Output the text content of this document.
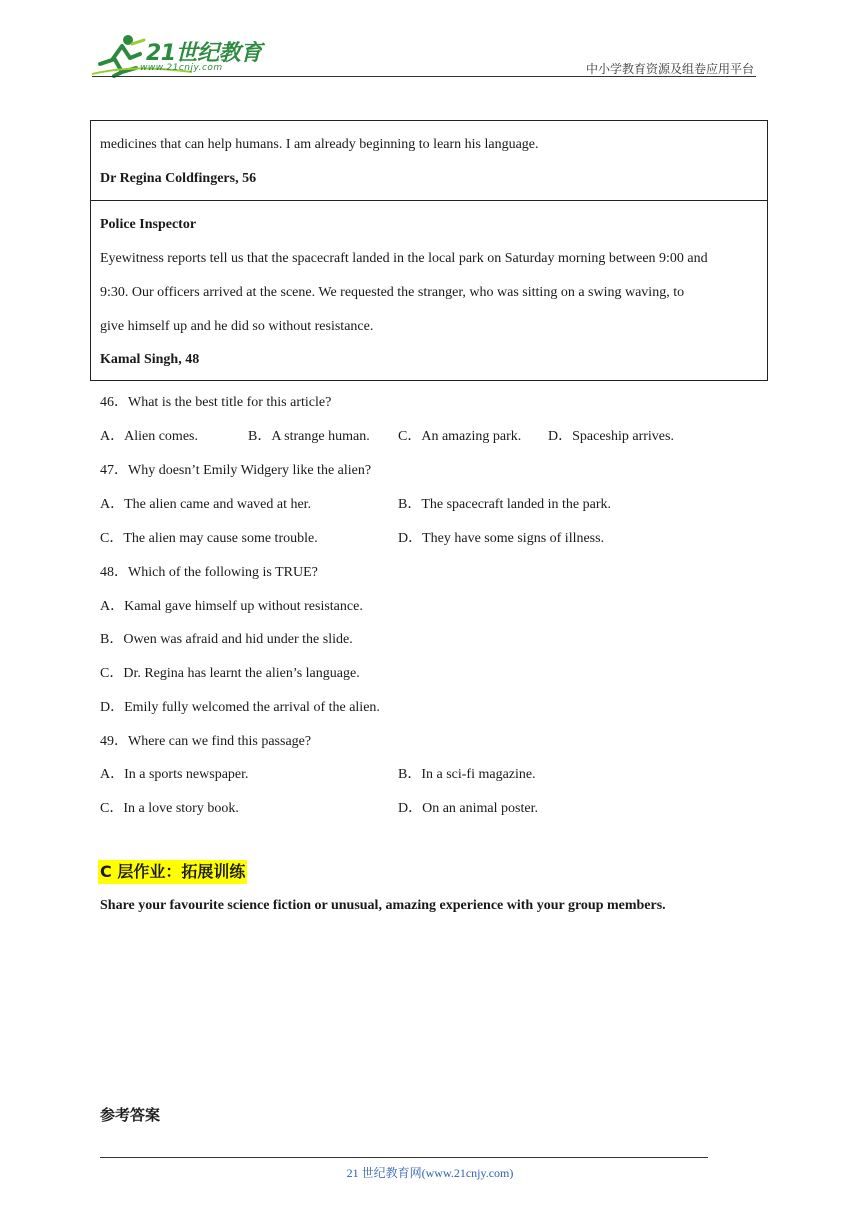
21世纪教育
www.21cnjy.com	中小学教育资源及组卷应用平台
medicines that can help humans. I am already beginning to learn his language.
Dr Regina Coldfingers, 56
Police Inspector
Eyewitness reports tell us that the spacecraft landed in the local park on Saturday morning between 9:00 and
9:30. Our officers arrived at the scene. We requested the stranger, who was sitting on a swing waving, to
give himself up and he did so without resistance.
Kamal Singh, 48
46．What is the best title for this article?
A．Alien comes.	B．A strange human. C．An amazing park. D．Spaceship arrives.
47．Why doesn’t Emily Widgery like the alien?
A．The alien came and waved at her.	B．The spacecraft landed in the park.
C．The alien may cause some trouble.	D．They have some signs of illness.
48．Which of the following is TRUE?
A．Kamal gave himself up without resistance.
B．Owen was afraid and hid under the slide.
C．Dr. Regina has learnt the alien’s language.
D．Emily fully welcomed the arrival of the alien.
49．Where can we find this passage?
A．In a sports newspaper.	B．In a sci-fi magazine.
C．In a love story book.	D．On an animal poster.
C 层作业：拓展训练
Share your favourite science fiction or unusual, amazing experience with your group members.
参考答案
21 世纪教育网(www.21cnjy.com)
